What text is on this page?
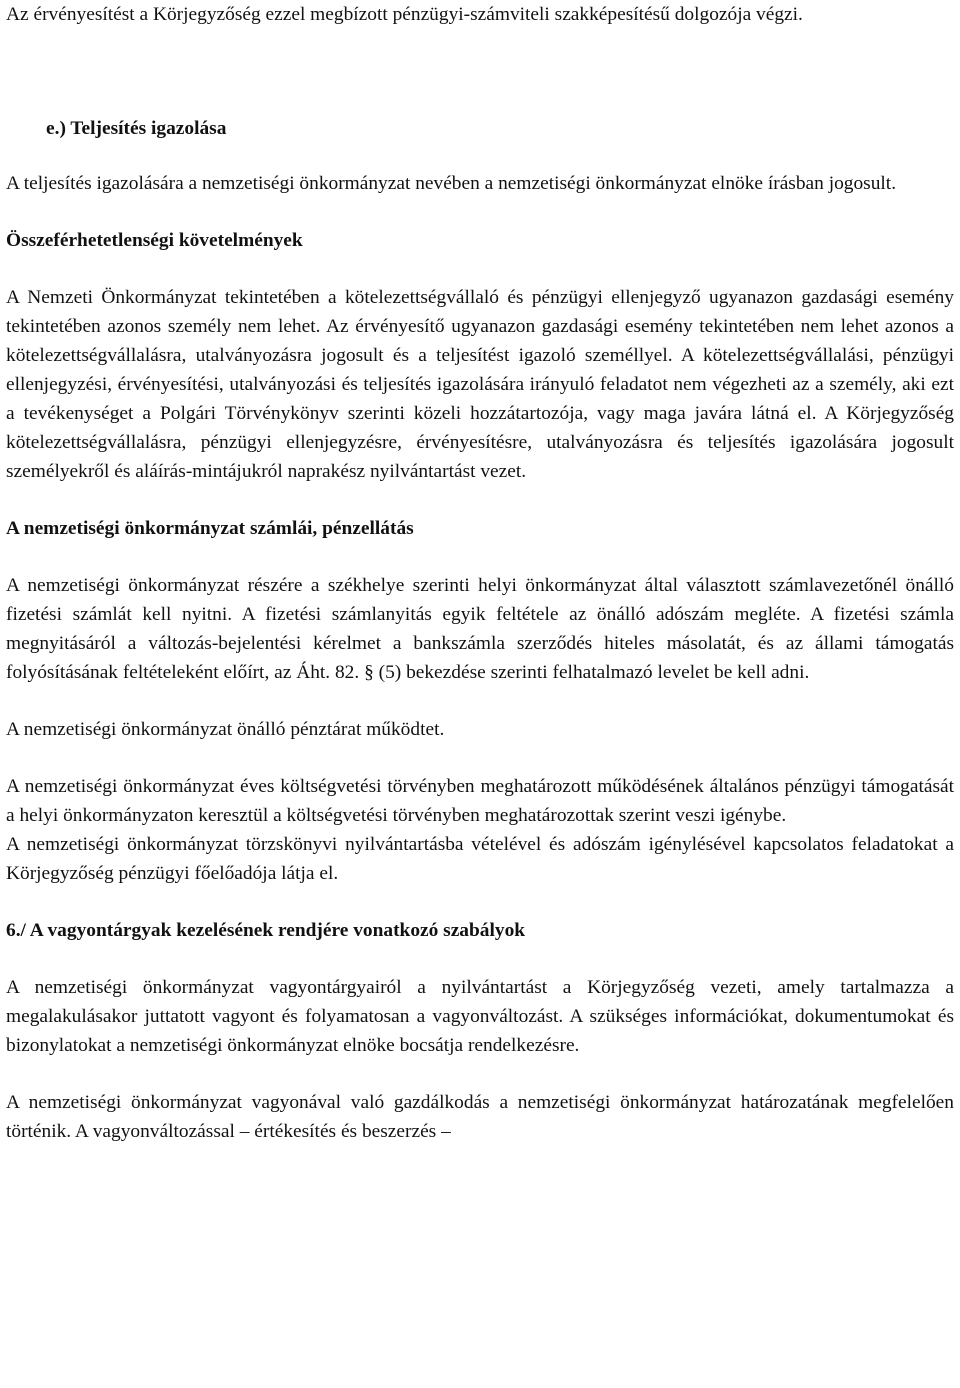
Az érvényesítést a Körjegyzőség ezzel megbízott pénzügyi-számviteli szakképesítésű dolgozója végzi.

e.) Teljesítés igazolása

A teljesítés igazolására a nemzetiségi önkormányzat nevében a nemzetiségi önkormányzat elnöke írásban jogosult.

Összeférhetetlenségi követelmények

A Nemzeti Önkormányzat tekintetében a kötelezettségvállaló és pénzügyi ellenjegyző ugyanazon gazdasági esemény tekintetében azonos személy nem lehet. Az érvényesítő ugyanazon gazdasági esemény tekintetében nem lehet azonos a kötelezettségvállalásra, utalványozásra jogosult és a teljesítést igazoló személlyel. A kötelezettségvállalási, pénzügyi ellenjegyzési, érvényesítési, utalványozási és teljesítés igazolására irányuló feladatot nem végezheti az a személy, aki ezt a tevékenységet a Polgári Törvénykönyv szerinti közeli hozzátartozója, vagy maga javára látná el. A Körjegyzőség kötelezettségvállalásra, pénzügyi ellenjegyzésre, érvényesítésre, utalványozásra és teljesítés igazolására jogosult személyekről és aláírás-mintájukról naprakész nyilvántartást vezet.

A nemzetiségi önkormányzat számlái, pénzellátás

A nemzetiségi önkormányzat részére a székhelye szerinti helyi önkormányzat által választott számlavezetőnél önálló fizetési számlát kell nyitni. A fizetési számlanyitás egyik feltétele az önálló adószám megléte. A fizetési számla megnyitásáról a változás-bejelentési kérelmet a bankszámla szerződés hiteles másolatát, és az állami támogatás folyósításának feltételeként előírt, az Áht. 82. § (5) bekezdése szerinti felhatalmazó levelet be kell adni.

A nemzetiségi önkormányzat önálló pénztárat működtet.

A nemzetiségi önkormányzat éves költségvetési törvényben meghatározott működésének általános pénzügyi támogatását a helyi önkormányzaton keresztül a költségvetési törvényben meghatározottak szerint veszi igénybe.

A nemzetiségi önkormányzat törzskönyvi nyilvántartásba vételével és adószám igénylésével kapcsolatos feladatokat a Körjegyzőség pénzügyi főelőadója látja el.

6./ A vagyontárgyak kezelésének rendjére vonatkozó szabályok

A nemzetiségi önkormányzat vagyontárgyairól a nyilvántartást a Körjegyzőség vezeti, amely tartalmazza a megalakulásakor juttatott vagyont és folyamatosan a vagyonváltozást. A szükséges információkat, dokumentumokat és bizonylatokat a nemzetiségi önkormányzat elnöke bocsátja rendelkezésre.

A nemzetiségi önkormányzat vagyonával való gazdálkodás a nemzetiségi önkormányzat határozatának megfelelően történik. A vagyonváltozással – értékesítés és beszerzés –
